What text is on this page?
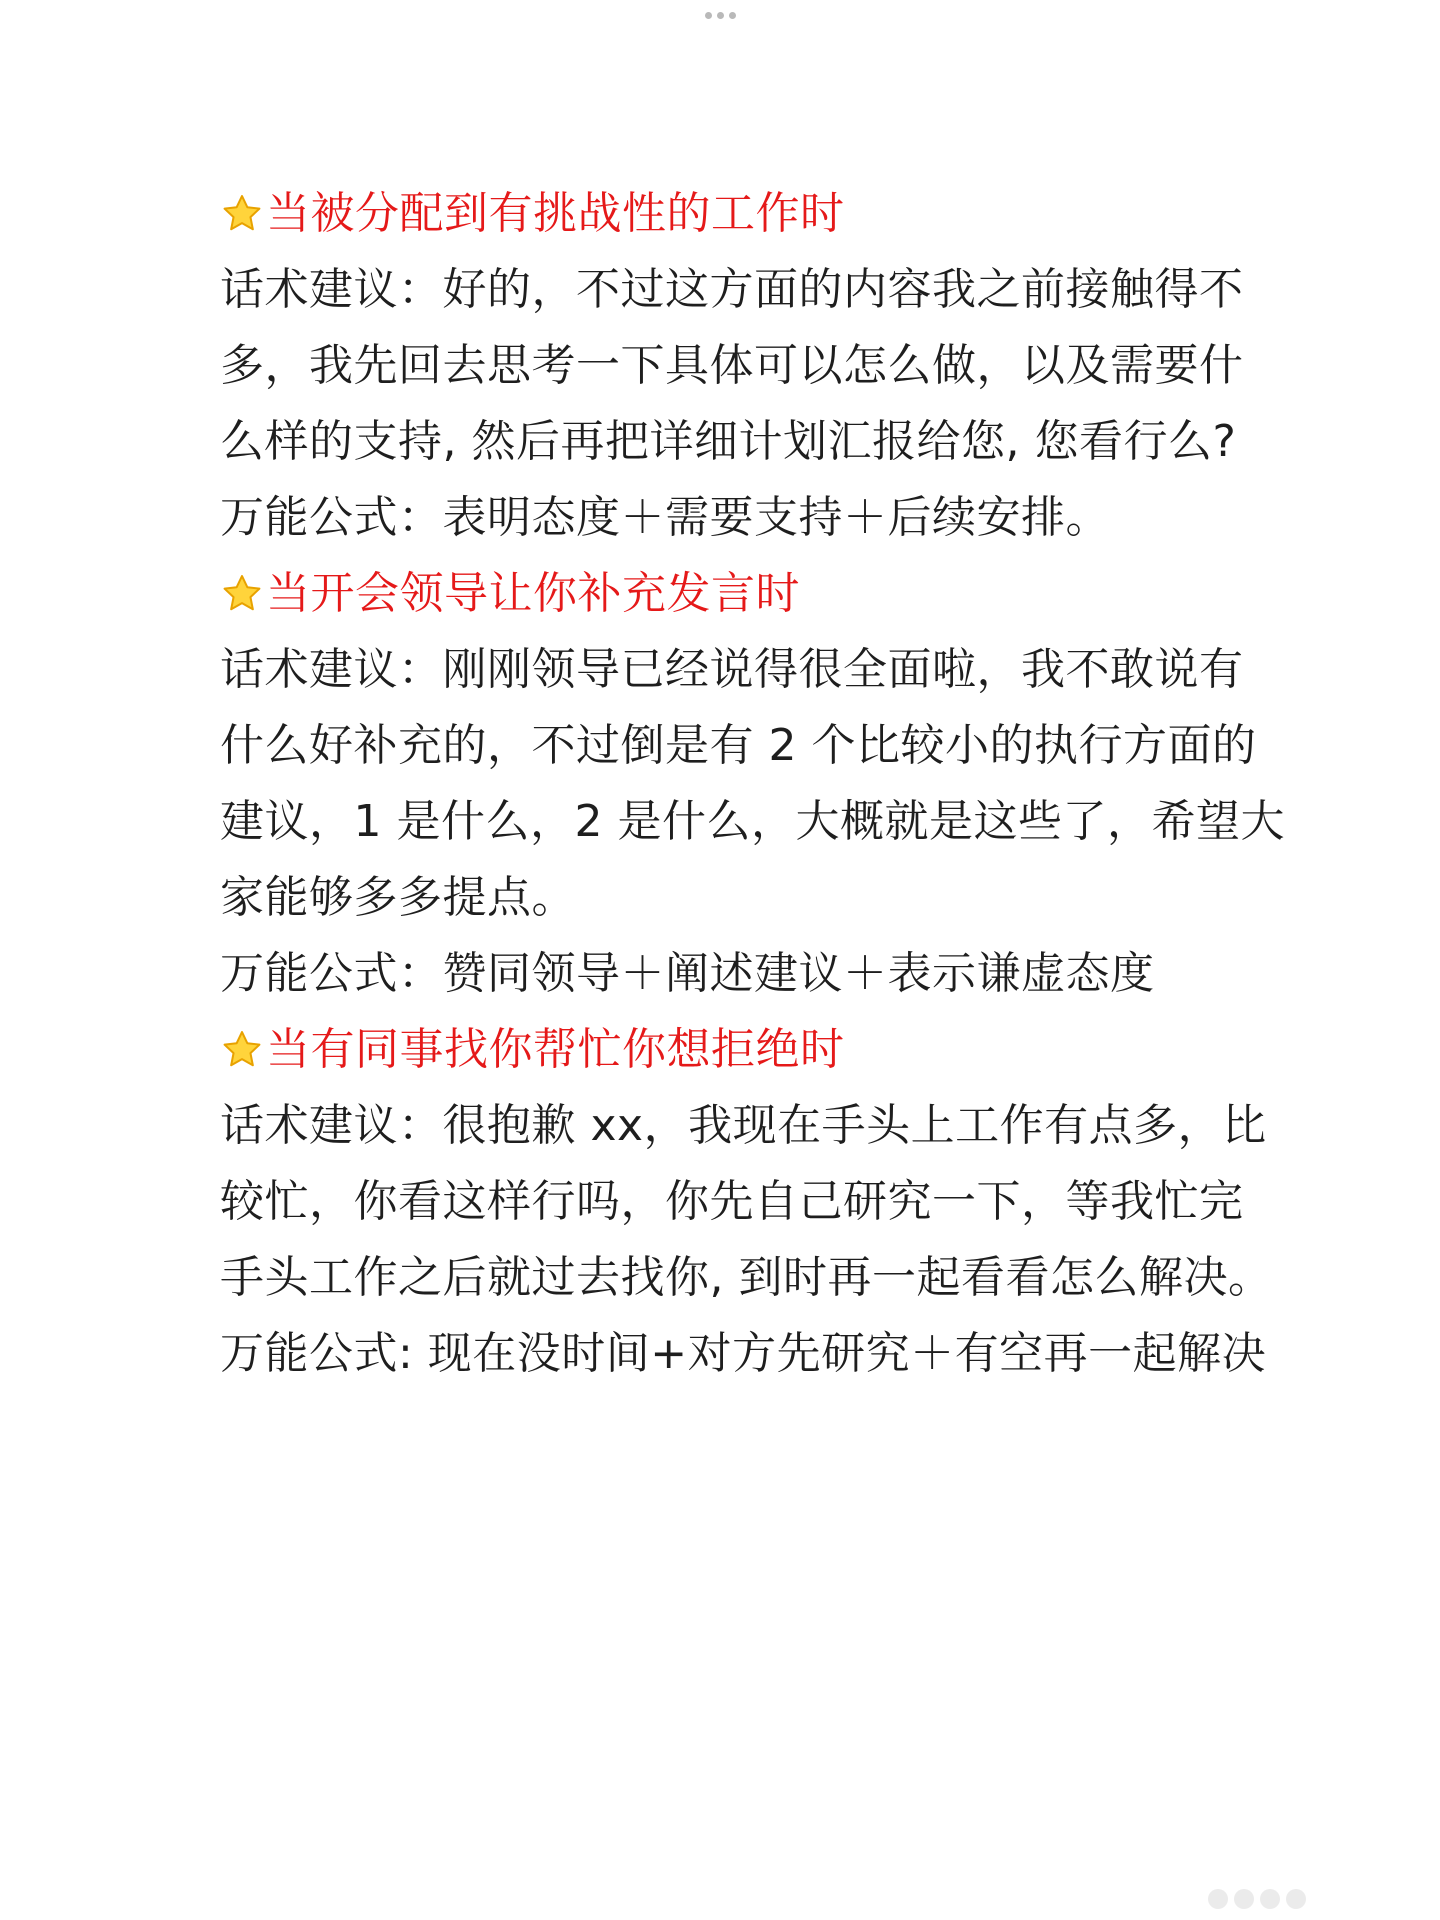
当被分配到有挑战性的工作时
话术建议：好的，不过这方面的内容我之前接触得不
多，我先回去思考一下具体可以怎么做，以及需要什
么样的支持, 然后再把详细计划汇报给您, 您看行么?
万能公式：表明态度＋需要支持＋后续安排。
当开会领导让你补充发言时
话术建议：刚刚领导已经说得很全面啦，我不敢说有
什么好补充的，不过倒是有 2 个比较小的执行方面的
建议，1 是什么，2 是什么，大概就是这些了，希望大
家能够多多提点。
万能公式：赞同领导＋阐述建议＋表示谦虚态度
当有同事找你帮忙你想拒绝时
话术建议：很抱歉 xx，我现在手头上工作有点多，比
较忙，你看这样行吗，你先自己研究一下，等我忙完
手头工作之后就过去找你, 到时再一起看看怎么解决。
万能公式: 现在没时间+对方先研究＋有空再一起解决
